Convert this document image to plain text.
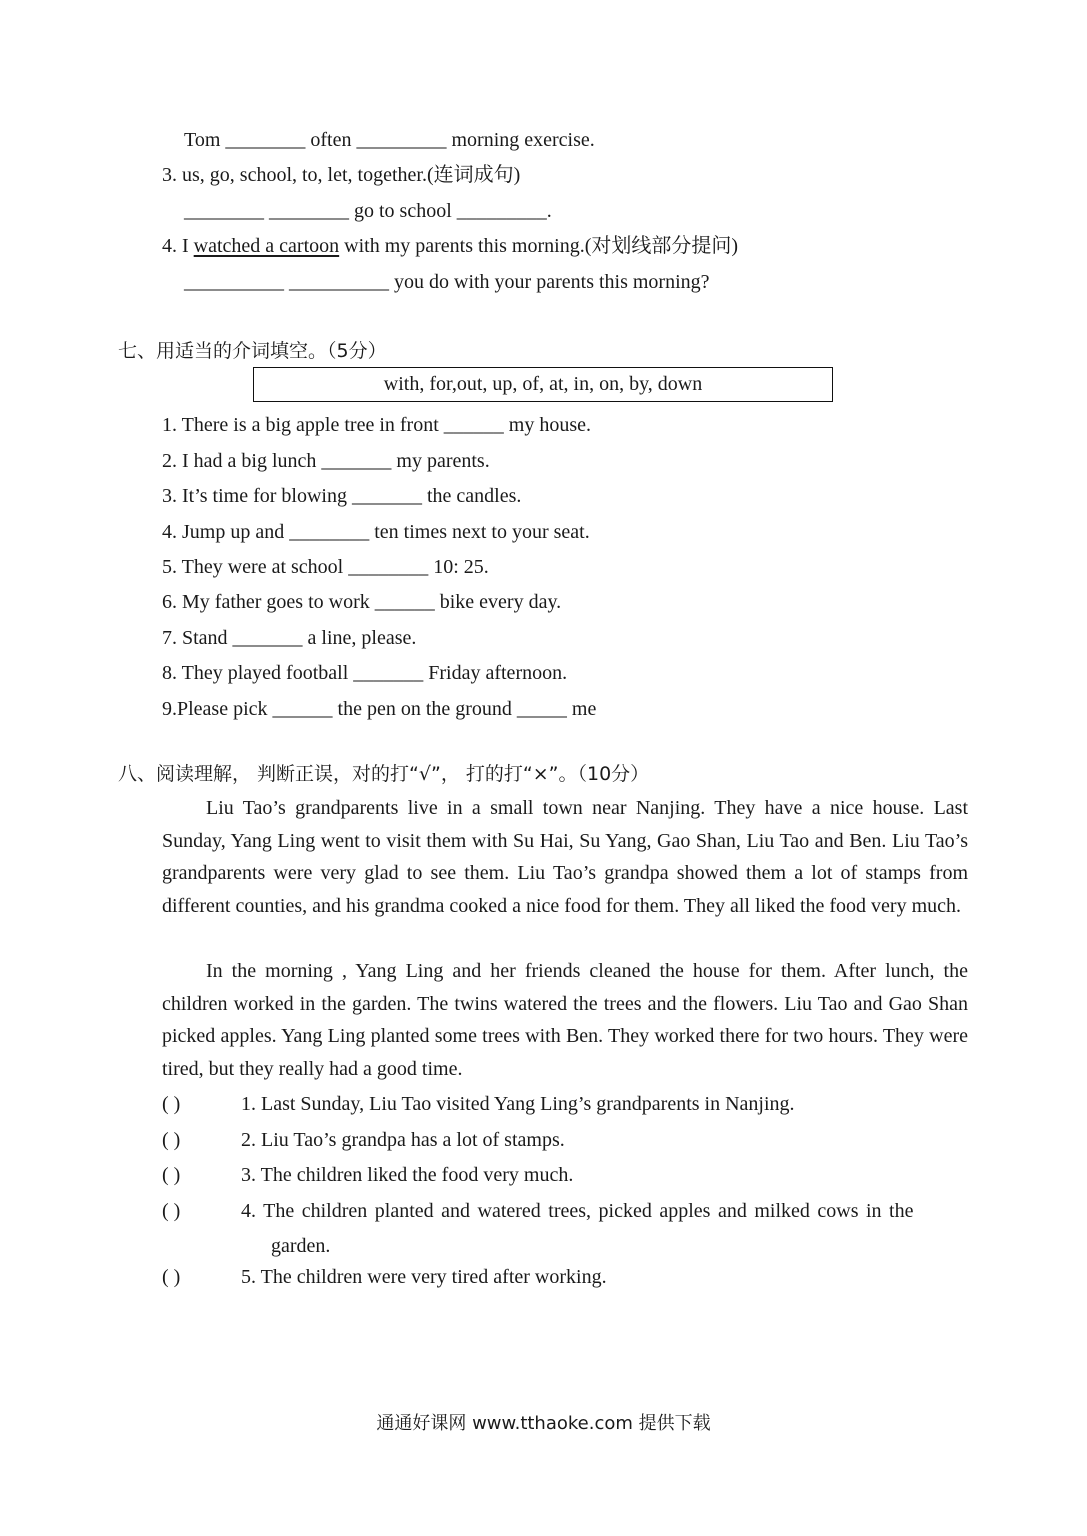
Tom ________ often _________ morning exercise.
3. us, go, school, to, let, together.(连词成句)
________ ________ go to school _________.
4. I watched a cartoon with my parents this morning.(对划线部分提问)
__________ __________ you do with your parents this morning?
七、用适当的介词填空。（5分）
with, for,out, up, of, at, in, on, by, down
1. There is a big apple tree in front ______ my house.
2. I had a big lunch _______ my parents.
3. It’s time for blowing _______ the candles.
4. Jump up and ________ ten times next to your seat.
5. They were at school ________ 10: 25.
6. My father goes to work ______ bike every day.
7. Stand _______ a line, please.
8. They played football _______ Friday afternoon.
9.Please pick ______ the pen on the ground _____ me
八、阅读理解， 判断正误，对的打“√”， 打的打“×”。（10分）
Liu Tao’s grandparents live in a small town near Nanjing. They have a nice house. Last Sunday, Yang Ling went to visit them with Su Hai, Su Yang, Gao Shan, Liu Tao and Ben. Liu Tao’s grandparents were very glad to see them. Liu Tao’s grandpa showed them a lot of stamps from different counties, and his grandma cooked a nice food for them. They all liked the food very much.
In the morning , Yang Ling and her friends cleaned the house for them. After lunch, the children worked in the garden. The twins watered the trees and the flowers. Liu Tao and Gao Shan picked apples. Yang Ling planted some trees with Ben. They worked there for two hours. They were tired, but they really had a good time.
( )	1. Last Sunday, Liu Tao visited Yang Ling’s grandparents in Nanjing.
( )	2. Liu Tao’s grandpa has a lot of stamps.
( )	3. The children liked the food very much.
( )	4. The children planted and watered trees, picked apples and milked cows in the
garden.
( )	5. The children were very tired after working.
通通好课网 www.tthaoke.com 提供下载
